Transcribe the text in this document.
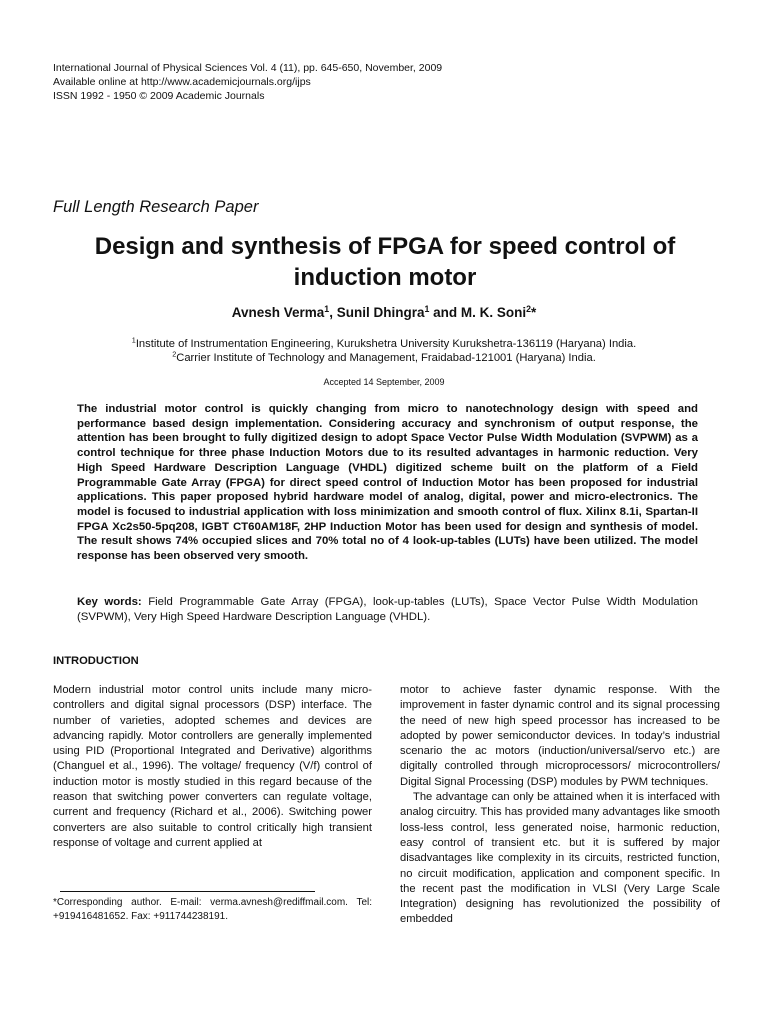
International Journal of Physical Sciences Vol. 4 (11), pp. 645-650, November, 2009
Available online at http://www.academicjournals.org/ijps
ISSN 1992 - 1950 © 2009 Academic Journals
Full Length Research Paper
Design and synthesis of FPGA for speed control of induction motor
Avnesh Verma$^1$, Sunil Dhingra$^1$ and M. K. Soni$^2$*
$^1$Institute of Instrumentation Engineering, Kurukshetra University Kurukshetra-136119 (Haryana) India.
$^2$Carrier Institute of Technology and Management, Fraidabad-121001 (Haryana) India.
Accepted 14 September, 2009
The industrial motor control is quickly changing from micro to nanotechnology design with speed and performance based design implementation. Considering accuracy and synchronism of output response, the attention has been brought to fully digitized design to adopt Space Vector Pulse Width Modulation (SVPWM) as a control technique for three phase Induction Motors due to its resulted advantages in harmonic reduction. Very High Speed Hardware Description Language (VHDL) digitized scheme built on the platform of a Field Programmable Gate Array (FPGA) for direct speed control of Induction Motor has been proposed for industrial applications. This paper proposed hybrid hardware model of analog, digital, power and micro-electronics. The model is focused to industrial application with loss minimization and smooth control of flux. Xilinx 8.1i, Spartan-II FPGA Xc2s50-5pq208, IGBT CT60AM18F, 2HP Induction Motor has been used for design and synthesis of model. The result shows 74% occupied slices and 70% total no of 4 look-up-tables (LUTs) have been utilized. The model response has been observed very smooth.
Key words: Field Programmable Gate Array (FPGA), look-up-tables (LUTs), Space Vector Pulse Width Modulation (SVPWM), Very High Speed Hardware Description Language (VHDL).
INTRODUCTION

Modern industrial motor control units include many micro-controllers and digital signal processors (DSP) interface. The number of varieties, adopted schemes and devices are advancing rapidly. Motor controllers are generally implemented using PID (Proportional Integrated and Derivative) algorithms (Changuel et al., 1996). The voltage/ frequency (V/f) control of induction motor is mostly studied in this regard because of the reason that switching power converters can regulate voltage, current and frequency (Richard et al., 2006). Switching power converters are also suitable to control critically high transient response of voltage and current applied at

motor to achieve faster dynamic response. With the improvement in faster dynamic control and its signal processing the need of new high speed processor has increased to be adopted by power semiconductor devices. In today’s industrial scenario the ac motors (induction/universal/servo etc.) are digitally controlled through microprocessors/ microcontrollers/ Digital Signal Processing (DSP) modules by PWM techniques.

The advantage can only be attained when it is interfaced with analog circuitry. This has provided many advantages like smooth loss-less control, less generated noise, harmonic reduction, easy control of transient etc. but it is suffered by major disadvantages like complexity in its circuits, restricted function, no circuit modification, application and component specific. In the recent past the modification in VLSI (Very Large Scale Integration) designing has revolutionized the possibility of embedded

*Corresponding author. E-mail: verma.avnesh@rediffmail.com. Tel: +919416481652. Fax: +911744238191.
